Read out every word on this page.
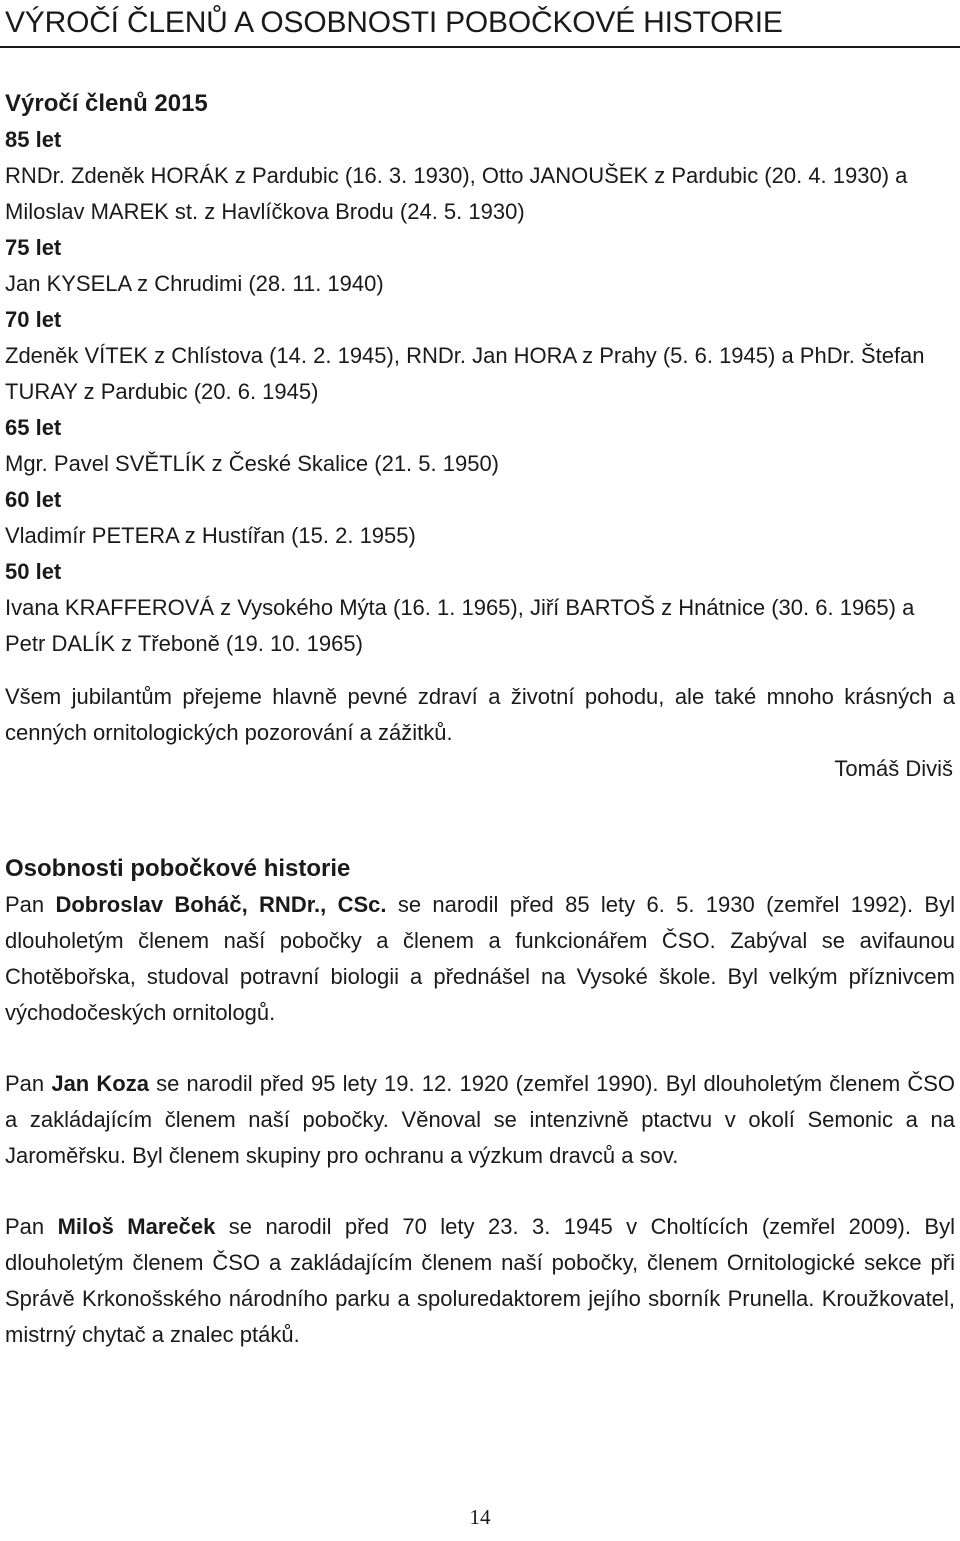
VÝROČÍ ČLENŮ A OSOBNOSTI POBOČKOVÉ HISTORIE
Výročí členů 2015

85 let

RNDr. Zdeněk HORÁK z Pardubic (16. 3. 1930), Otto JANOUŠEK z Pardubic (20. 4. 1930) a Miloslav MAREK st. z Havlíčkova Brodu (24. 5. 1930)

75 let

Jan KYSELA z Chrudimi (28. 11. 1940)

70 let

Zdeněk VÍTEK z Chlístova (14. 2. 1945), RNDr. Jan HORA z Prahy (5. 6. 1945) a PhDr. Štefan TURAY z Pardubic (20. 6. 1945)

65 let

Mgr. Pavel SVĚTLÍK z České Skalice (21. 5. 1950)

60 let

Vladimír PETERA z Hustířan (15. 2. 1955)

50 let

Ivana KRAFFEROVÁ z Vysokého Mýta (16. 1. 1965), Jiří BARTOŠ z Hnátnice (30. 6. 1965) a Petr DALÍK z Třeboně (19. 10. 1965)

Všem jubilantům přejeme hlavně pevné zdraví a životní pohodu, ale také mnoho krásných a cenných ornitologických pozorování a zážitků.

Tomáš Diviš

Osobnosti pobočkové historie

Pan Dobroslav Boháč, RNDr., CSc. se narodil před 85 lety 6. 5. 1930 (zemřel 1992). Byl dlouholetým členem naší pobočky a členem a funkcionářem ČSO. Zabýval se avifaunou Chotěbořska, studoval potravní biologii a přednášel na Vysoké škole. Byl velkým příznivcem východočeských ornitologů.

Pan Jan Koza se narodil před 95 lety 19. 12. 1920 (zemřel 1990). Byl dlouholetým členem ČSO a zakládajícím členem naší pobočky. Věnoval se intenzivně ptactvu v okolí Semonic a na Jaroměřsku. Byl členem skupiny pro ochranu a výzkum dravců a sov.

Pan Miloš Mareček se narodil před 70 lety 23. 3. 1945 v Choltících (zemřel 2009). Byl dlouholetým členem ČSO a zakládajícím členem naší pobočky, členem Ornitologické sekce při Správě Krkonošského národního parku a spoluredaktorem jejího sborník Prunella. Kroužkovatel, mistrný chytač a znalec ptáků.

14
